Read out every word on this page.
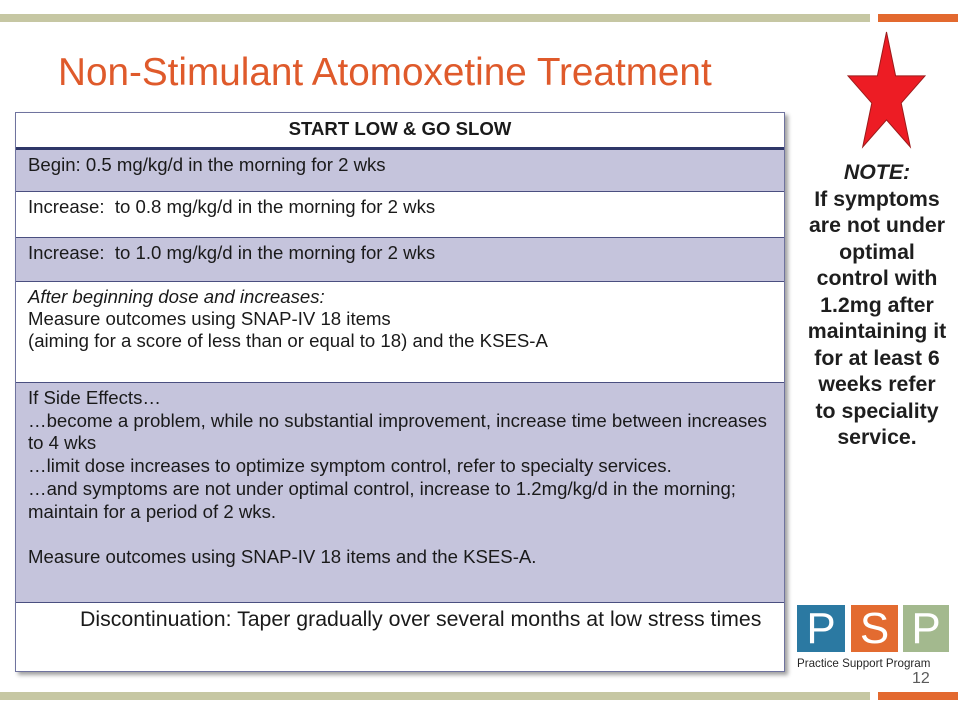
Non-Stimulant Atomoxetine Treatment
START LOW & GO SLOW
Begin: 0.5 mg/kg/d in the morning for 2 wks
Increase:  to 0.8 mg/kg/d in the morning for 2 wks
Increase:  to 1.0 mg/kg/d in the morning for 2 wks
After beginning dose and increases:
Measure outcomes using SNAP-IV 18 items
(aiming for a score of less than or equal to 18) and the KSES-A
If Side Effects…
…become a problem, while no substantial improvement, increase time between increases
to 4 wks
…limit dose increases to optimize symptom control, refer to specialty services.
…and symptoms are not under optimal control, increase to 1.2mg/kg/d in the morning;
maintain for a period of 2 wks.
Measure outcomes using SNAP-IV 18 items and the KSES-A.
Discontinuation: Taper gradually over several months at low stress times
NOTE:
If symptoms
are not under
optimal
control with
1.2mg after
maintaining it
for at least 6
weeks refer
to speciality
service.
P S P
Practice Support Program
12
